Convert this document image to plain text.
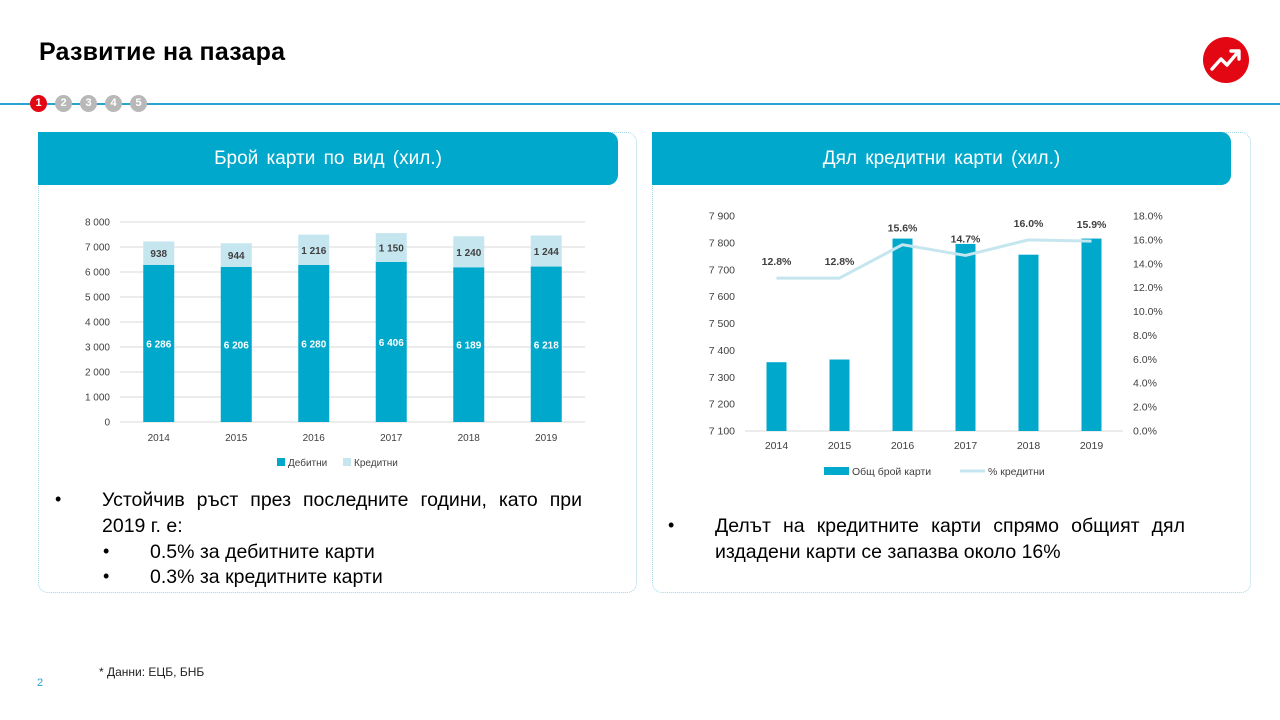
Развитие на пазара
1	2	3	4	5
Брой карти по вид (хил.)
0
1 000
2 000
3 000
4 000
5 000
6 000
7 000
8 000
6 286
938
2014
6 206
944
2015
6 280
1 216
2016
6 406
1 150
2017
6 189
1 240
2018
6 218
1 244
2019
Дебитни	Кредитни
• Устойчив ръст през последните години, като при 2019 г. е:
• 0.5% за дебитните карти
• 0.3% за кредитните карти
Дял кредитни карти (хил.)
7 100
7 200
7 300
7 400
7 500
7 600
7 700
7 800
7 900
0.0%
2.0%
4.0%
6.0%
8.0%
10.0%
12.0%
14.0%
16.0%
18.0%
2014	2015	2016	2017	2018	2019
12.8%	12.8%
15.6%
14.7%
16.0%	15.9%
Общ брой карти	% кредитни
• Делът на кредитните карти спрямо общият дял издадени карти се запазва около 16%
* Данни: ЕЦБ, БНБ
2
